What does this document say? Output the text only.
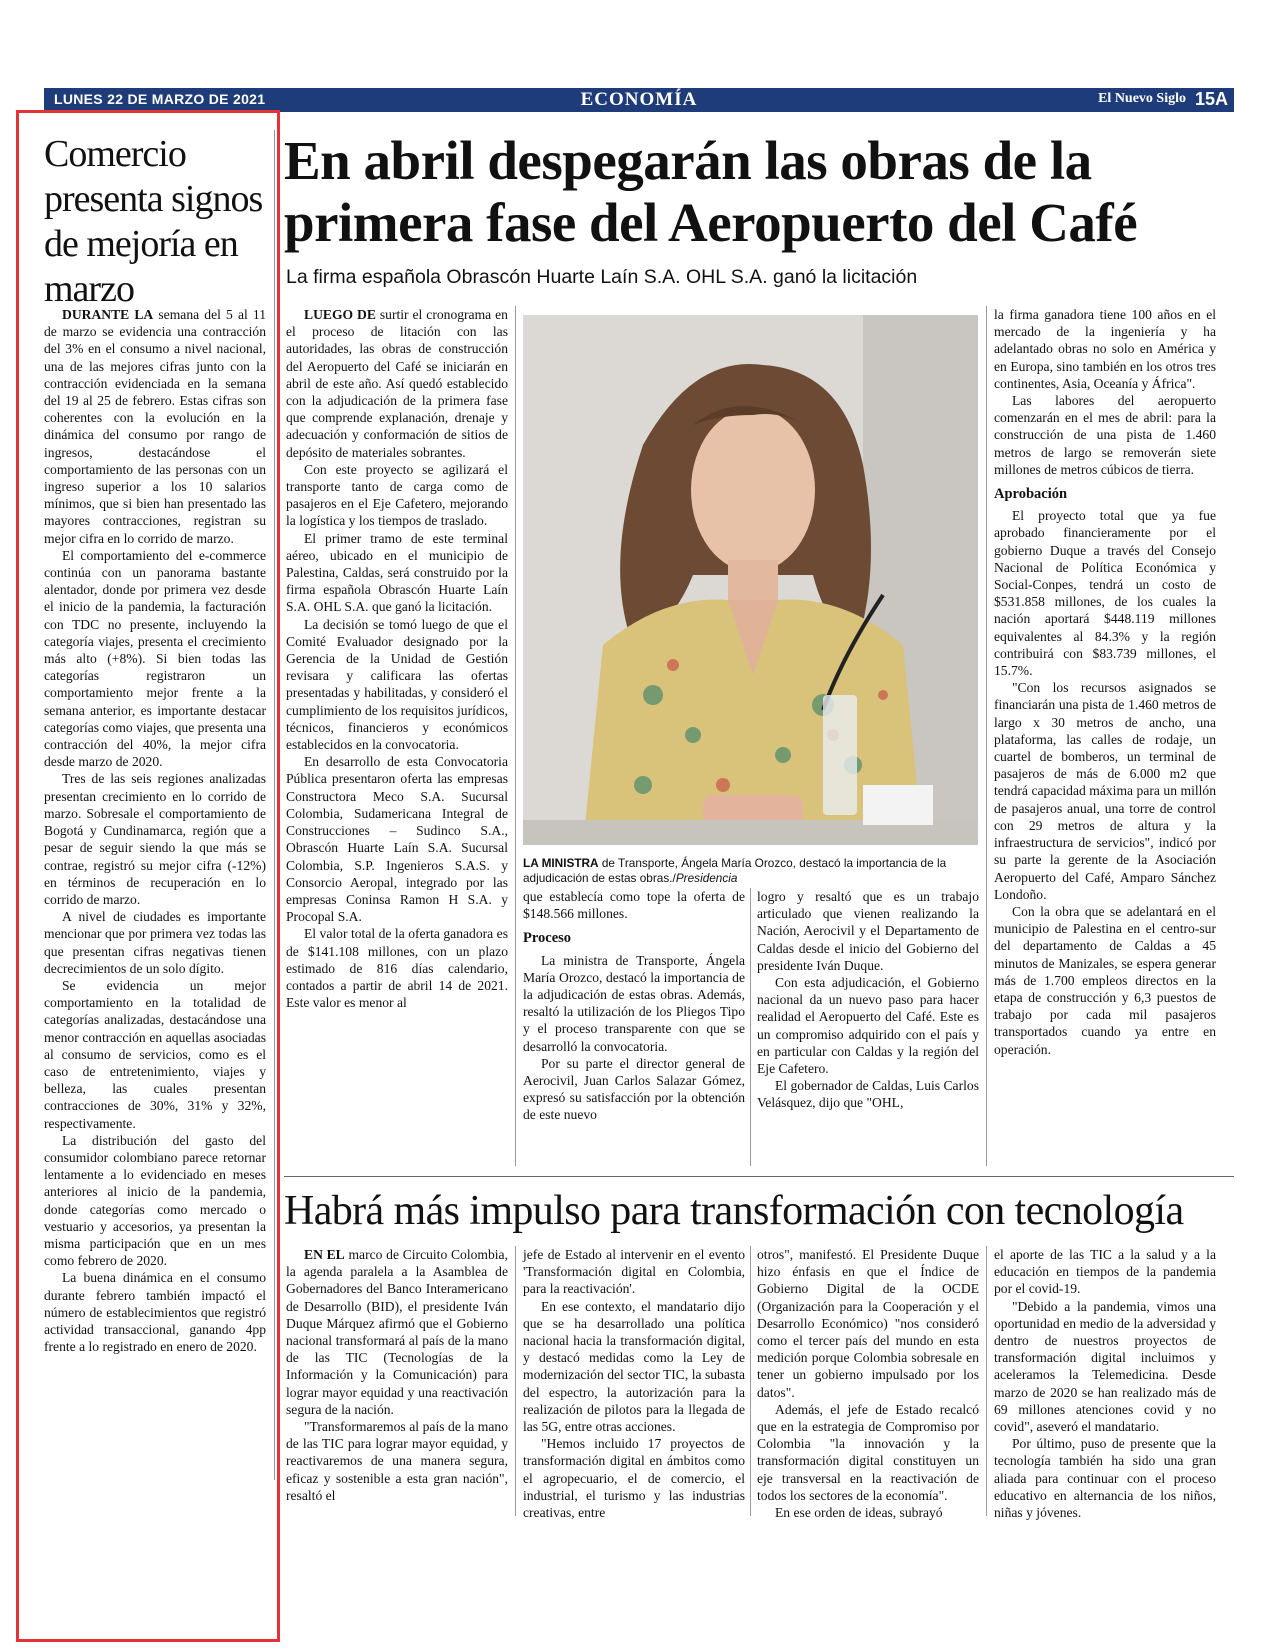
LUNES 22 DE MARZO DE 2021	ECONOMÍA	El Nuevo Siglo 15A
Comercio presenta signos de mejoría en marzo

DURANTE LA semana del 5 al 11 de marzo se evidencia una contracción del 3% en el consumo a nivel nacional, una de las mejores cifras junto con la contracción evidenciada en la semana del 19 al 25 de febrero. Estas cifras son coherentes con la evolución en la dinámica del consumo por rango de ingresos, destacándose el comportamiento de las personas con un ingreso superior a los 10 salarios mínimos, que si bien han presentado las mayores contracciones, registran su mejor cifra en lo corrido de marzo.

El comportamiento del e-commerce continúa con un panorama bastante alentador, donde por primera vez desde el inicio de la pandemia, la facturación con TDC no presente, incluyendo la categoría viajes, presenta el crecimiento más alto (+8%). Si bien todas las categorías registraron un comportamiento mejor frente a la semana anterior, es importante destacar categorías como viajes, que presenta una contracción del 40%, la mejor cifra desde marzo de 2020.

Tres de las seis regiones analizadas presentan crecimiento en lo corrido de marzo. Sobresale el comportamiento de Bogotá y Cundinamarca, región que a pesar de seguir siendo la que más se contrae, registró su mejor cifra (-12%) en términos de recuperación en lo corrido de marzo.

A nivel de ciudades es importante mencionar que por primera vez todas las que presentan cifras negativas tienen decrecimientos de un solo dígito.

Se evidencia un mejor comportamiento en la totalidad de categorías analizadas, destacándose una menor contracción en aquellas asociadas al consumo de servicios, como es el caso de entretenimiento, viajes y belleza, las cuales presentan contracciones de 30%, 31% y 32%, respectivamente.

La distribución del gasto del consumidor colombiano parece retornar lentamente a lo evidenciado en meses anteriores al inicio de la pandemia, donde categorías como mercado o vestuario y accesorios, ya presentan la misma participación que en un mes como febrero de 2020.

La buena dinámica en el consumo durante febrero también impactó el número de establecimientos que registró actividad transaccional, ganando 4pp frente a lo registrado en enero de 2020.

En abril despegarán las obras de la primera fase del Aeropuerto del Café
La firma española Obrascón Huarte Laín S.A. OHL S.A. ganó la licitación

LUEGO DE surtir el cronograma en el proceso de litación con las autoridades, las obras de construcción del Aeropuerto del Café se iniciarán en abril de este año. Así quedó establecido con la adjudicación de la primera fase que comprende explanación, drenaje y adecuación y conformación de sitios de depósito de materiales sobrantes.

Con este proyecto se agilizará el transporte tanto de carga como de pasajeros en el Eje Cafetero, mejorando la logística y los tiempos de traslado.

El primer tramo de este terminal aéreo, ubicado en el municipio de Palestina, Caldas, será construido por la firma española Obrascón Huarte Laín S.A. OHL S.A. que ganó la licitación.

La decisión se tomó luego de que el Comité Evaluador designado por la Gerencia de la Unidad de Gestión revisara y calificara las ofertas presentadas y habilitadas, y consideró el cumplimiento de los requisitos jurídicos, técnicos, financieros y económicos establecidos en la convocatoria.

En desarrollo de esta Convocatoria Pública presentaron oferta las empresas Constructora Meco S.A. Sucursal Colombia, Sudamericana Integral de Construcciones – Sudinco S.A., Obrascón Huarte Laín S.A. Sucursal Colombia, S.P. Ingenieros S.A.S. y Consorcio Aeropal, integrado por las empresas Coninsa Ramon H S.A. y Procopal S.A.

El valor total de la oferta ganadora es de $141.108 millones, con un plazo estimado de 816 días calendario, contados a partir de abril 14 de 2021. Este valor es menor al

LA MINISTRA de Transporte, Ángela María Orozco, destacó la importancia de la adjudicación de estas obras./Presidencia

que establecía como tope la oferta de $148.566 millones.

Proceso

La ministra de Transporte, Ángela María Orozco, destacó la importancia de la adjudicación de estas obras. Además, resaltó la utilización de los Pliegos Tipo y el proceso transparente con que se desarrolló la convocatoria.

Por su parte el director general de Aerocivil, Juan Carlos Salazar Gómez, expresó su satisfacción por la obtención de este nuevo

logro y resaltó que es un trabajo articulado que vienen realizando la Nación, Aerocivil y el Departamento de Caldas desde el inicio del Gobierno del presidente Iván Duque.

Con esta adjudicación, el Gobierno nacional da un nuevo paso para hacer realidad el Aeropuerto del Café. Este es un compromiso adquirido con el país y en particular con Caldas y la región del Eje Cafetero.

El gobernador de Caldas, Luis Carlos Velásquez, dijo que "OHL,

la firma ganadora tiene 100 años en el mercado de la ingeniería y ha adelantado obras no solo en América y en Europa, sino también en los otros tres continentes, Asia, Oceanía y África".

Las labores del aeropuerto comenzarán en el mes de abril: para la construcción de una pista de 1.460 metros de largo se removerán siete millones de metros cúbicos de tierra.

Aprobación

El proyecto total que ya fue aprobado financieramente por el gobierno Duque a través del Consejo Nacional de Política Económica y Social-Conpes, tendrá un costo de $531.858 millones, de los cuales la nación aportará $448.119 millones equivalentes al 84.3% y la región contribuirá con $83.739 millones, el 15.7%.

"Con los recursos asignados se financiarán una pista de 1.460 metros de largo x 30 metros de ancho, una plataforma, las calles de rodaje, un cuartel de bomberos, un terminal de pasajeros de más de 6.000 m2 que tendrá capacidad máxima para un millón de pasajeros anual, una torre de control con 29 metros de altura y la infraestructura de servicios", indicó por su parte la gerente de la Asociación Aeropuerto del Café, Amparo Sánchez Londoño.

Con la obra que se adelantará en el municipio de Palestina en el centro-sur del departamento de Caldas a 45 minutos de Manizales, se espera generar más de 1.700 empleos directos en la etapa de construcción y 6,3 puestos de trabajo por cada mil pasajeros transportados cuando ya entre en operación.

Habrá más impulso para transformación con tecnología

EN EL marco de Circuito Colombia, la agenda paralela a la Asamblea de Gobernadores del Banco Interamericano de Desarrollo (BID), el presidente Iván Duque Márquez afirmó que el Gobierno nacional transformará al país de la mano de las TIC (Tecnologías de la Información y la Comunicación) para lograr mayor equidad y una reactivación segura de la nación.

"Transformaremos al país de la mano de las TIC para lograr mayor equidad, y reactivaremos de una manera segura, eficaz y sostenible a esta gran nación", resaltó el

jefe de Estado al intervenir en el evento 'Transformación digital en Colombia, para la reactivación'.

En ese contexto, el mandatario dijo que se ha desarrollado una política nacional hacia la transformación digital, y destacó medidas como la Ley de modernización del sector TIC, la subasta del espectro, la autorización para la realización de pilotos para la llegada de las 5G, entre otras acciones.

"Hemos incluido 17 proyectos de transformación digital en ámbitos como el agropecuario, el de comercio, el industrial, el turismo y las industrias creativas, entre

otros", manifestó. El Presidente Duque hizo énfasis en que el Índice de Gobierno Digital de la OCDE (Organización para la Cooperación y el Desarrollo Económico) "nos consideró como el tercer país del mundo en esta medición porque Colombia sobresale en tener un gobierno impulsado por los datos".

Además, el jefe de Estado recalcó que en la estrategia de Compromiso por Colombia "la innovación y la transformación digital constituyen un eje transversal en la reactivación de todos los sectores de la economía".

En ese orden de ideas, subrayó

el aporte de las TIC a la salud y a la educación en tiempos de la pandemia por el covid-19.

"Debido a la pandemia, vimos una oportunidad en medio de la adversidad y dentro de nuestros proyectos de transformación digital incluimos y aceleramos la Telemedicina. Desde marzo de 2020 se han realizado más de 69 millones atenciones covid y no covid", aseveró el mandatario.

Por último, puso de presente que la tecnología también ha sido una gran aliada para continuar con el proceso educativo en alternancia de los niños, niñas y jóvenes.
